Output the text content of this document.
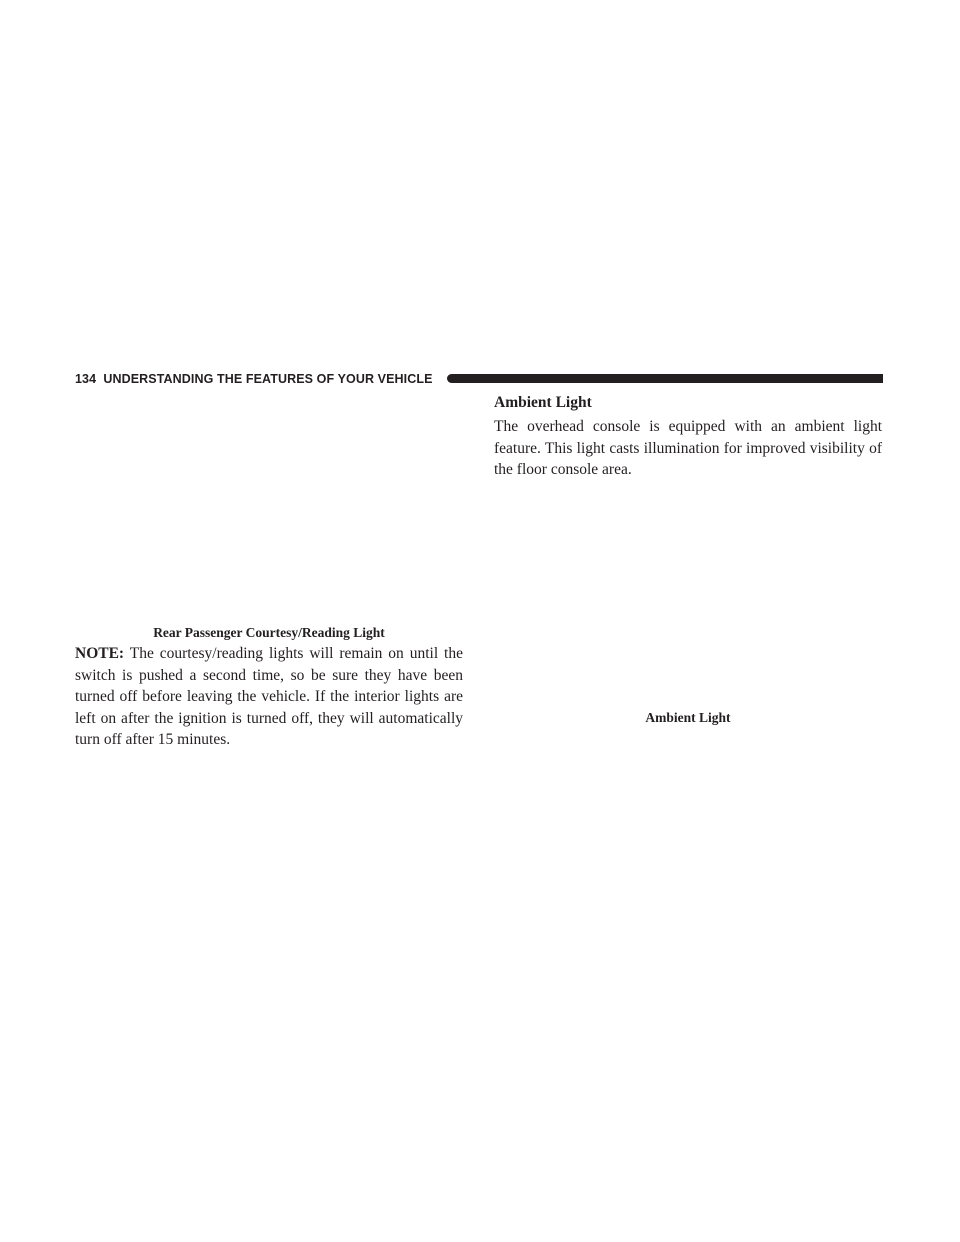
134 UNDERSTANDING THE FEATURES OF YOUR VEHICLE
Rear Passenger Courtesy/Reading Light

NOTE: The courtesy/reading lights will remain on until the switch is pushed a second time, so be sure they have been turned off before leaving the vehicle. If the interior lights are left on after the ignition is turned off, they will automatically turn off after 15 minutes.

Ambient Light

The overhead console is equipped with an ambient light feature. This light casts illumination for improved visibility of the floor console area.

Ambient Light
